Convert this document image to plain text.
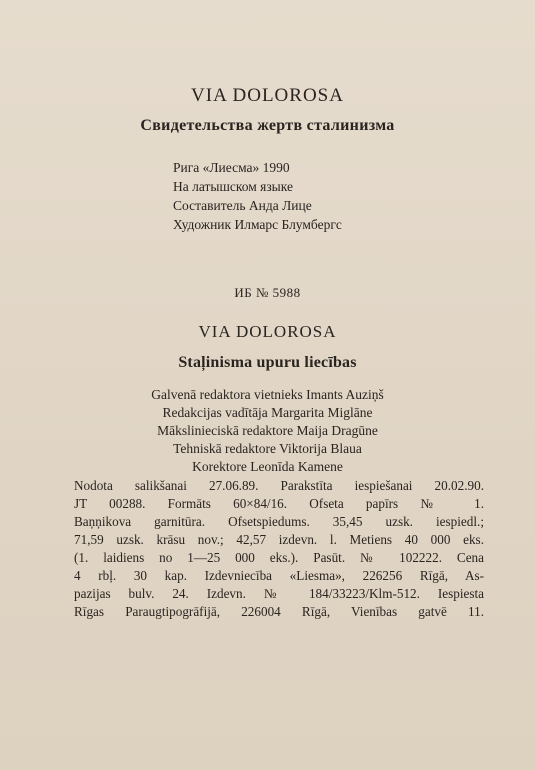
VIA DOLOROSA
Свидетельства жертв сталинизма
Рига «Лиесма» 1990
На латышском языке
Составитель Анда Лице
Художник Илмарс Блумбергс
ИБ № 5988
VIA DOLOROSA
Staļinisma upuru liecības
Galvenā redaktora vietnieks Imants Auziņš
Redakcijas vadītāja Margarita Miglāne
Mākslinieciskā redaktore Maija Dragūne
Tehniskā redaktore Viktorija Blaua
Korektore Leonīda Kamene
Nodota salikšanai 27.06.89. Parakstīta iespiešanai 20.02.90.
JT 00288. Formāts 60×84/16. Ofseta papīrs № 1.
Baņņikova garnitūra. Ofsetspiedums. 35,45 uzsk. iespiedl.;
71,59 uzsk. krāsu nov.; 42,57 izdevn. l. Metiens 40 000 eks.
(1. laidiens no 1—25 000 eks.). Pasūt. № 102222. Cena
4 rbļ. 30 kap. Izdevniecība «Liesma», 226256 Rīgā, As-
pazijas bulv. 24. Izdevn. № 184/33223/Klm-512. Iespiesta
Rīgas Paraugtipogrāfijā, 226004 Rīgā, Vienības gatvē 11.
